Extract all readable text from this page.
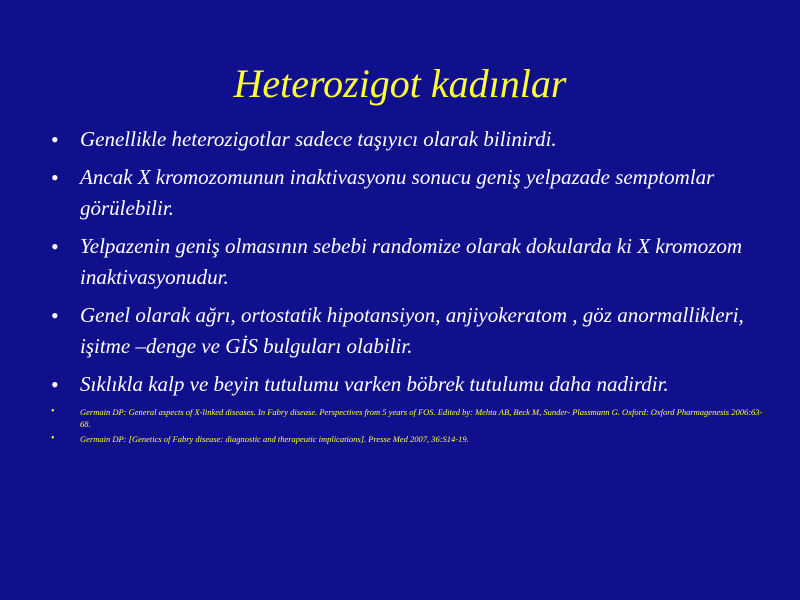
Heterozigot kadınlar
• Genellikle heterozigotlar sadece taşıyıcı olarak bilinirdi.
• Ancak X kromozomunun inaktivasyonu sonucu geniş yelpazade semptomlar görülebilir.
• Yelpazenin geniş olmasının sebebi randomize olarak dokularda ki X kromozom inaktivasyonudur.
• Genel olarak ağrı, ortostatik hipotansiyon, anjiyokeratom , göz anormallikleri, işitme –denge ve GİS bulguları olabilir.
• Sıklıkla kalp ve beyin tutulumu varken böbrek tutulumu daha nadirdir.
•	Germain DP: General aspects of X-linked diseases. In Fabry disease. Perspectives from 5 years of FOS. Edited by: Mehta AB, Beck M, Sunder- Plassmann G. Oxford: Oxford Pharmagenesis 2006:63-68.
•	Germain DP: [Genetics of Fabry disease: diagnostic and therapeutic implications]. Presse Med 2007, 36:S14-19.
